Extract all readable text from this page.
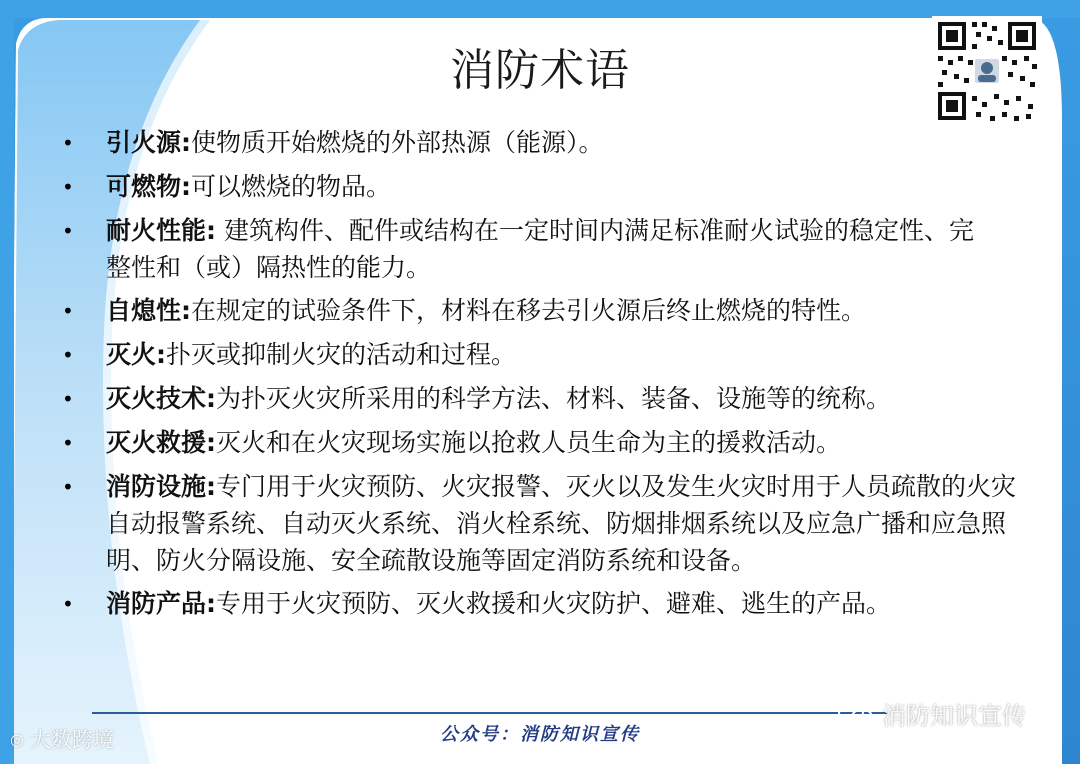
消防术语
•	引火源:使物质开始燃烧的外部热源（能源）。
•	可燃物:可以燃烧的物品。
•	耐火性能: 建筑构件、配件或结构在一定时间内满足标准耐火试验的稳定性、完整性和（或）隔热性的能力。
•	自熄性:在规定的试验条件下，材料在移去引火源后终止燃烧的特性。
•	灭火:扑灭或抑制火灾的活动和过程。
•	灭火技术:为扑灭火灾所采用的科学方法、材料、装备、设施等的统称。
•	灭火救援:灭火和在火灾现场实施以抢救人员生命为主的援救活动。
•	消防设施:专门用于火灾预防、火灾报警、灭火以及发生火灾时用于人员疏散的火灾自动报警系统、自动灭火系统、消火栓系统、防烟排烟系统以及应急广播和应急照明、防火分隔设施、安全疏散设施等固定消防系统和设备。
•	消防产品:专用于火灾预防、灭火救援和火灾防护、避难、逃生的产品。
公众号：消防知识宣传
◎ 大数跨境
消防知识宣传
